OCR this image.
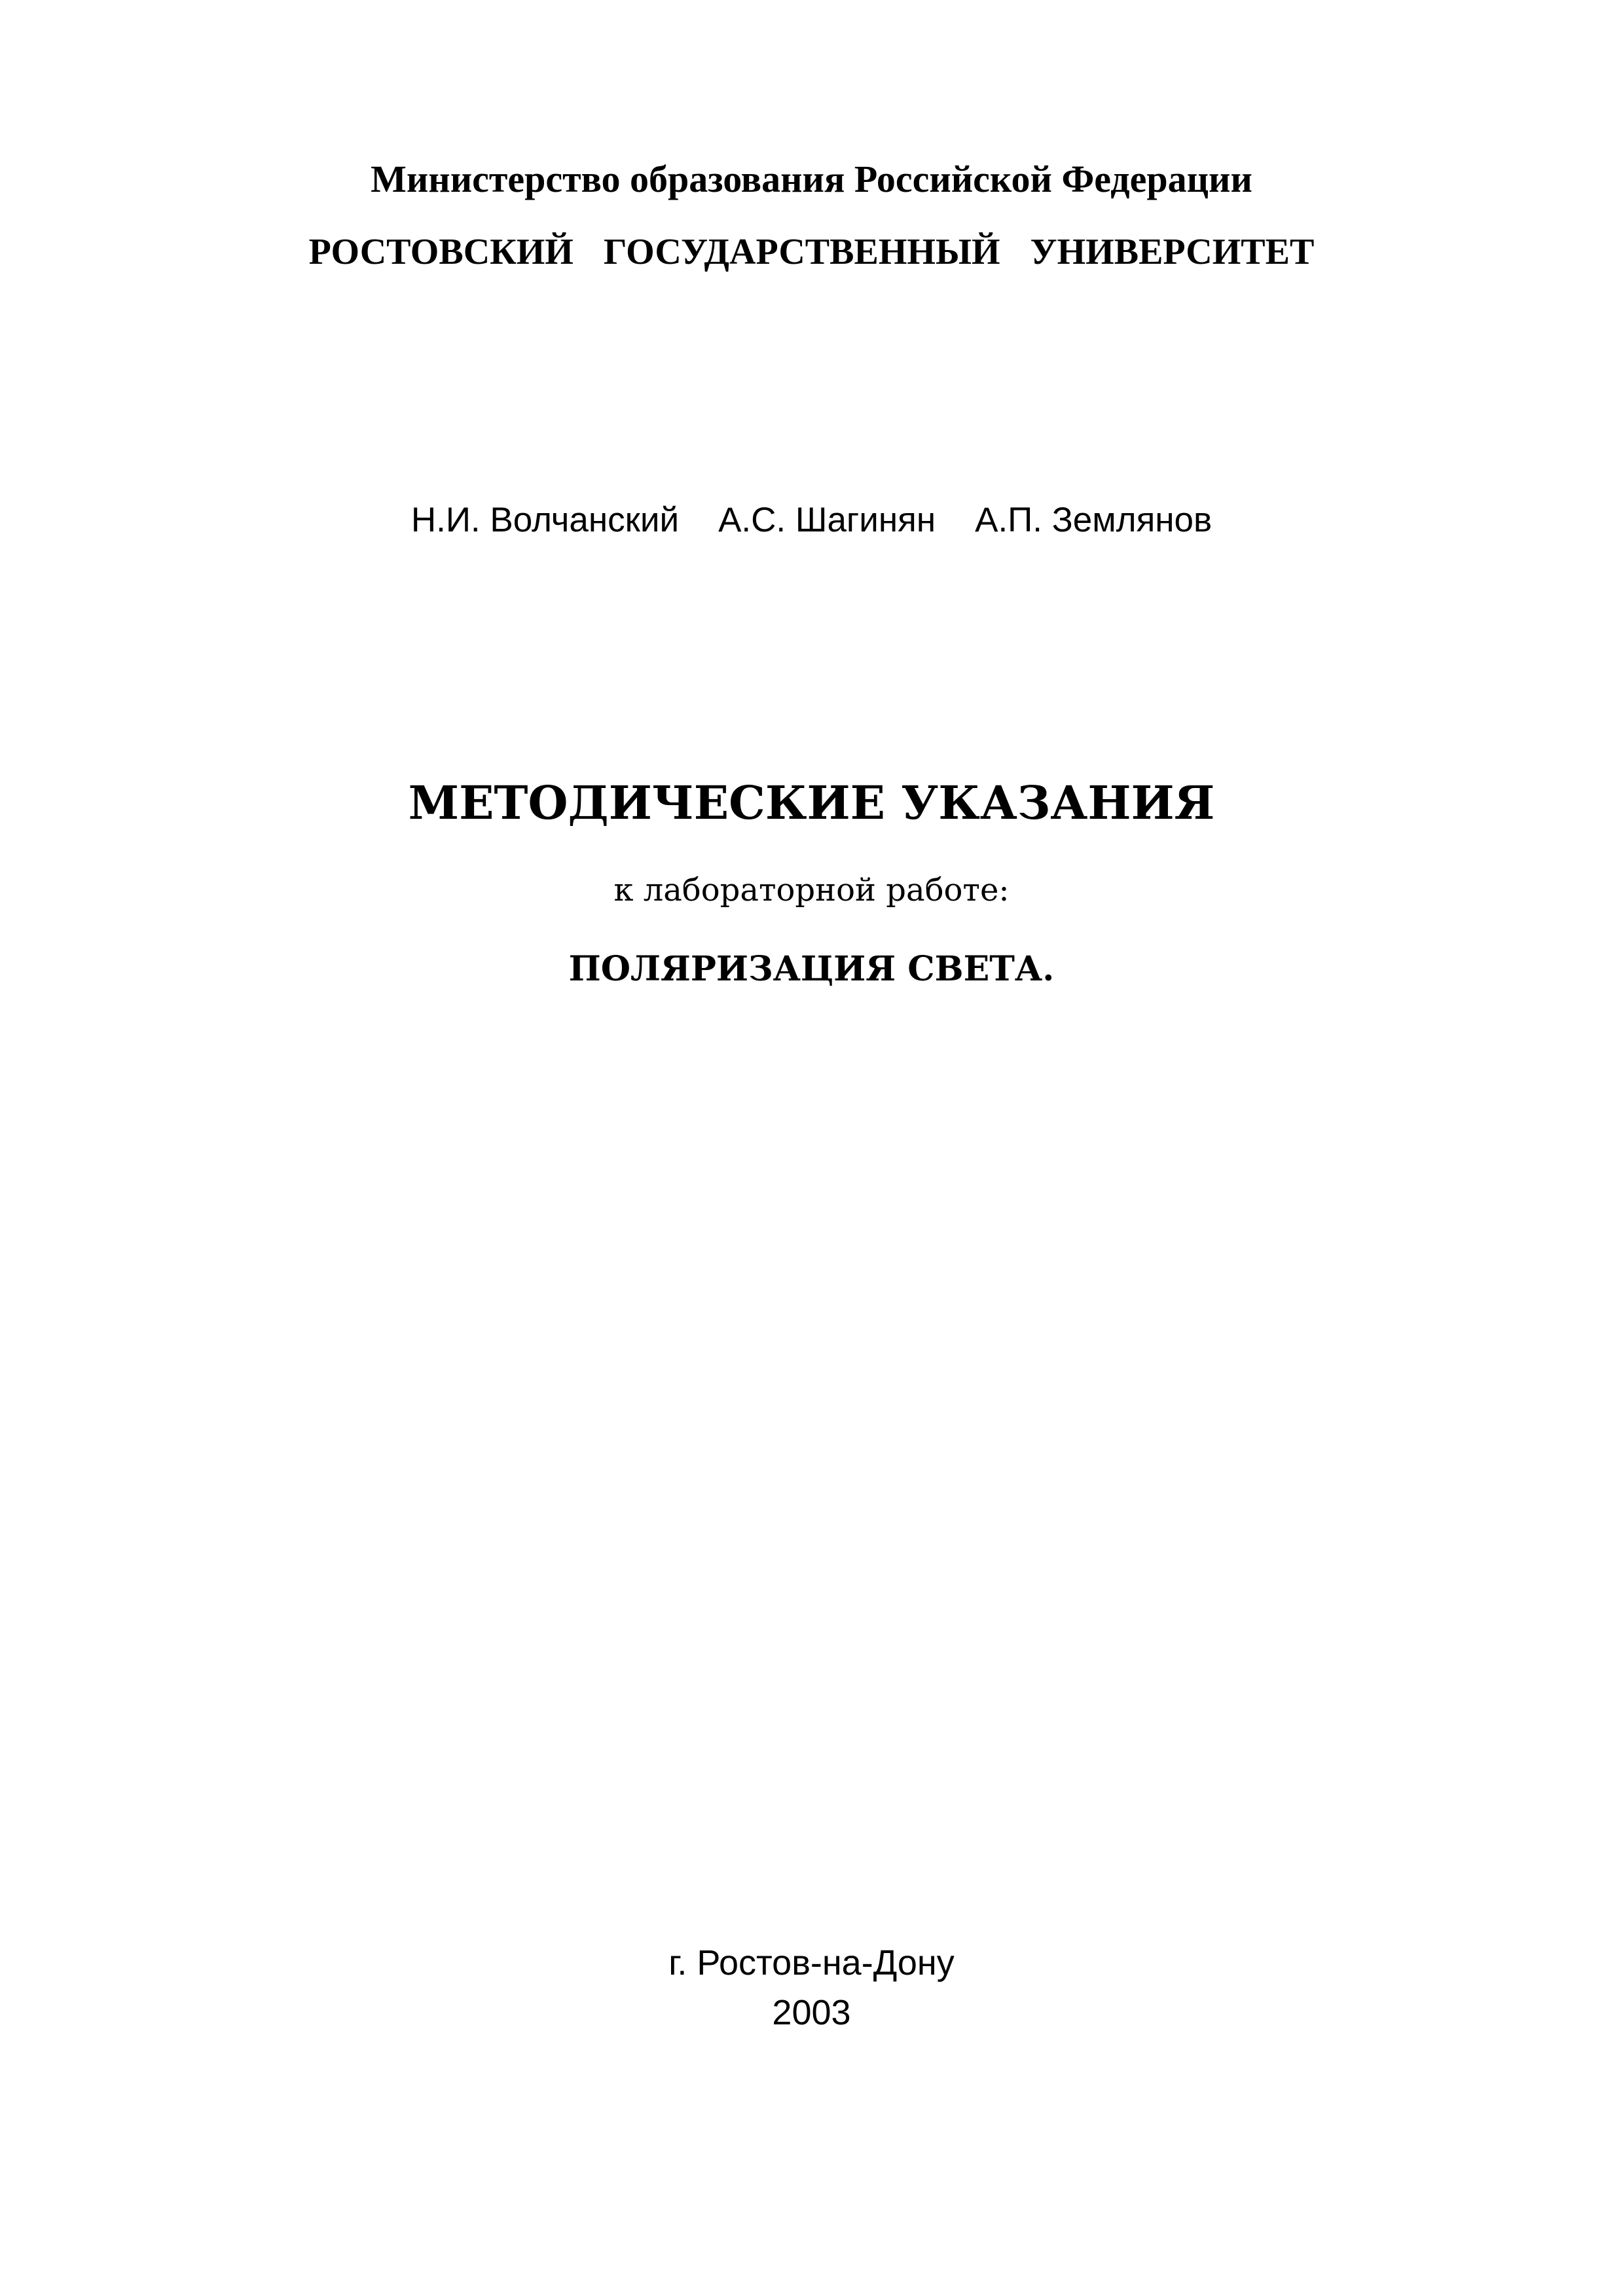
Министерство образования Российской Федерации
РОСТОВСКИЙ ГОСУДАРСТВЕННЫЙ УНИВЕРСИТЕТ
Н.И. Волчанский А.С. Шагинян А.П. Землянов
МЕТОДИЧЕСКИЕ УКАЗАНИЯ
к лабораторной работе:
ПОЛЯРИЗАЦИЯ СВЕТА.
г. Ростов-на-Дону
2003
